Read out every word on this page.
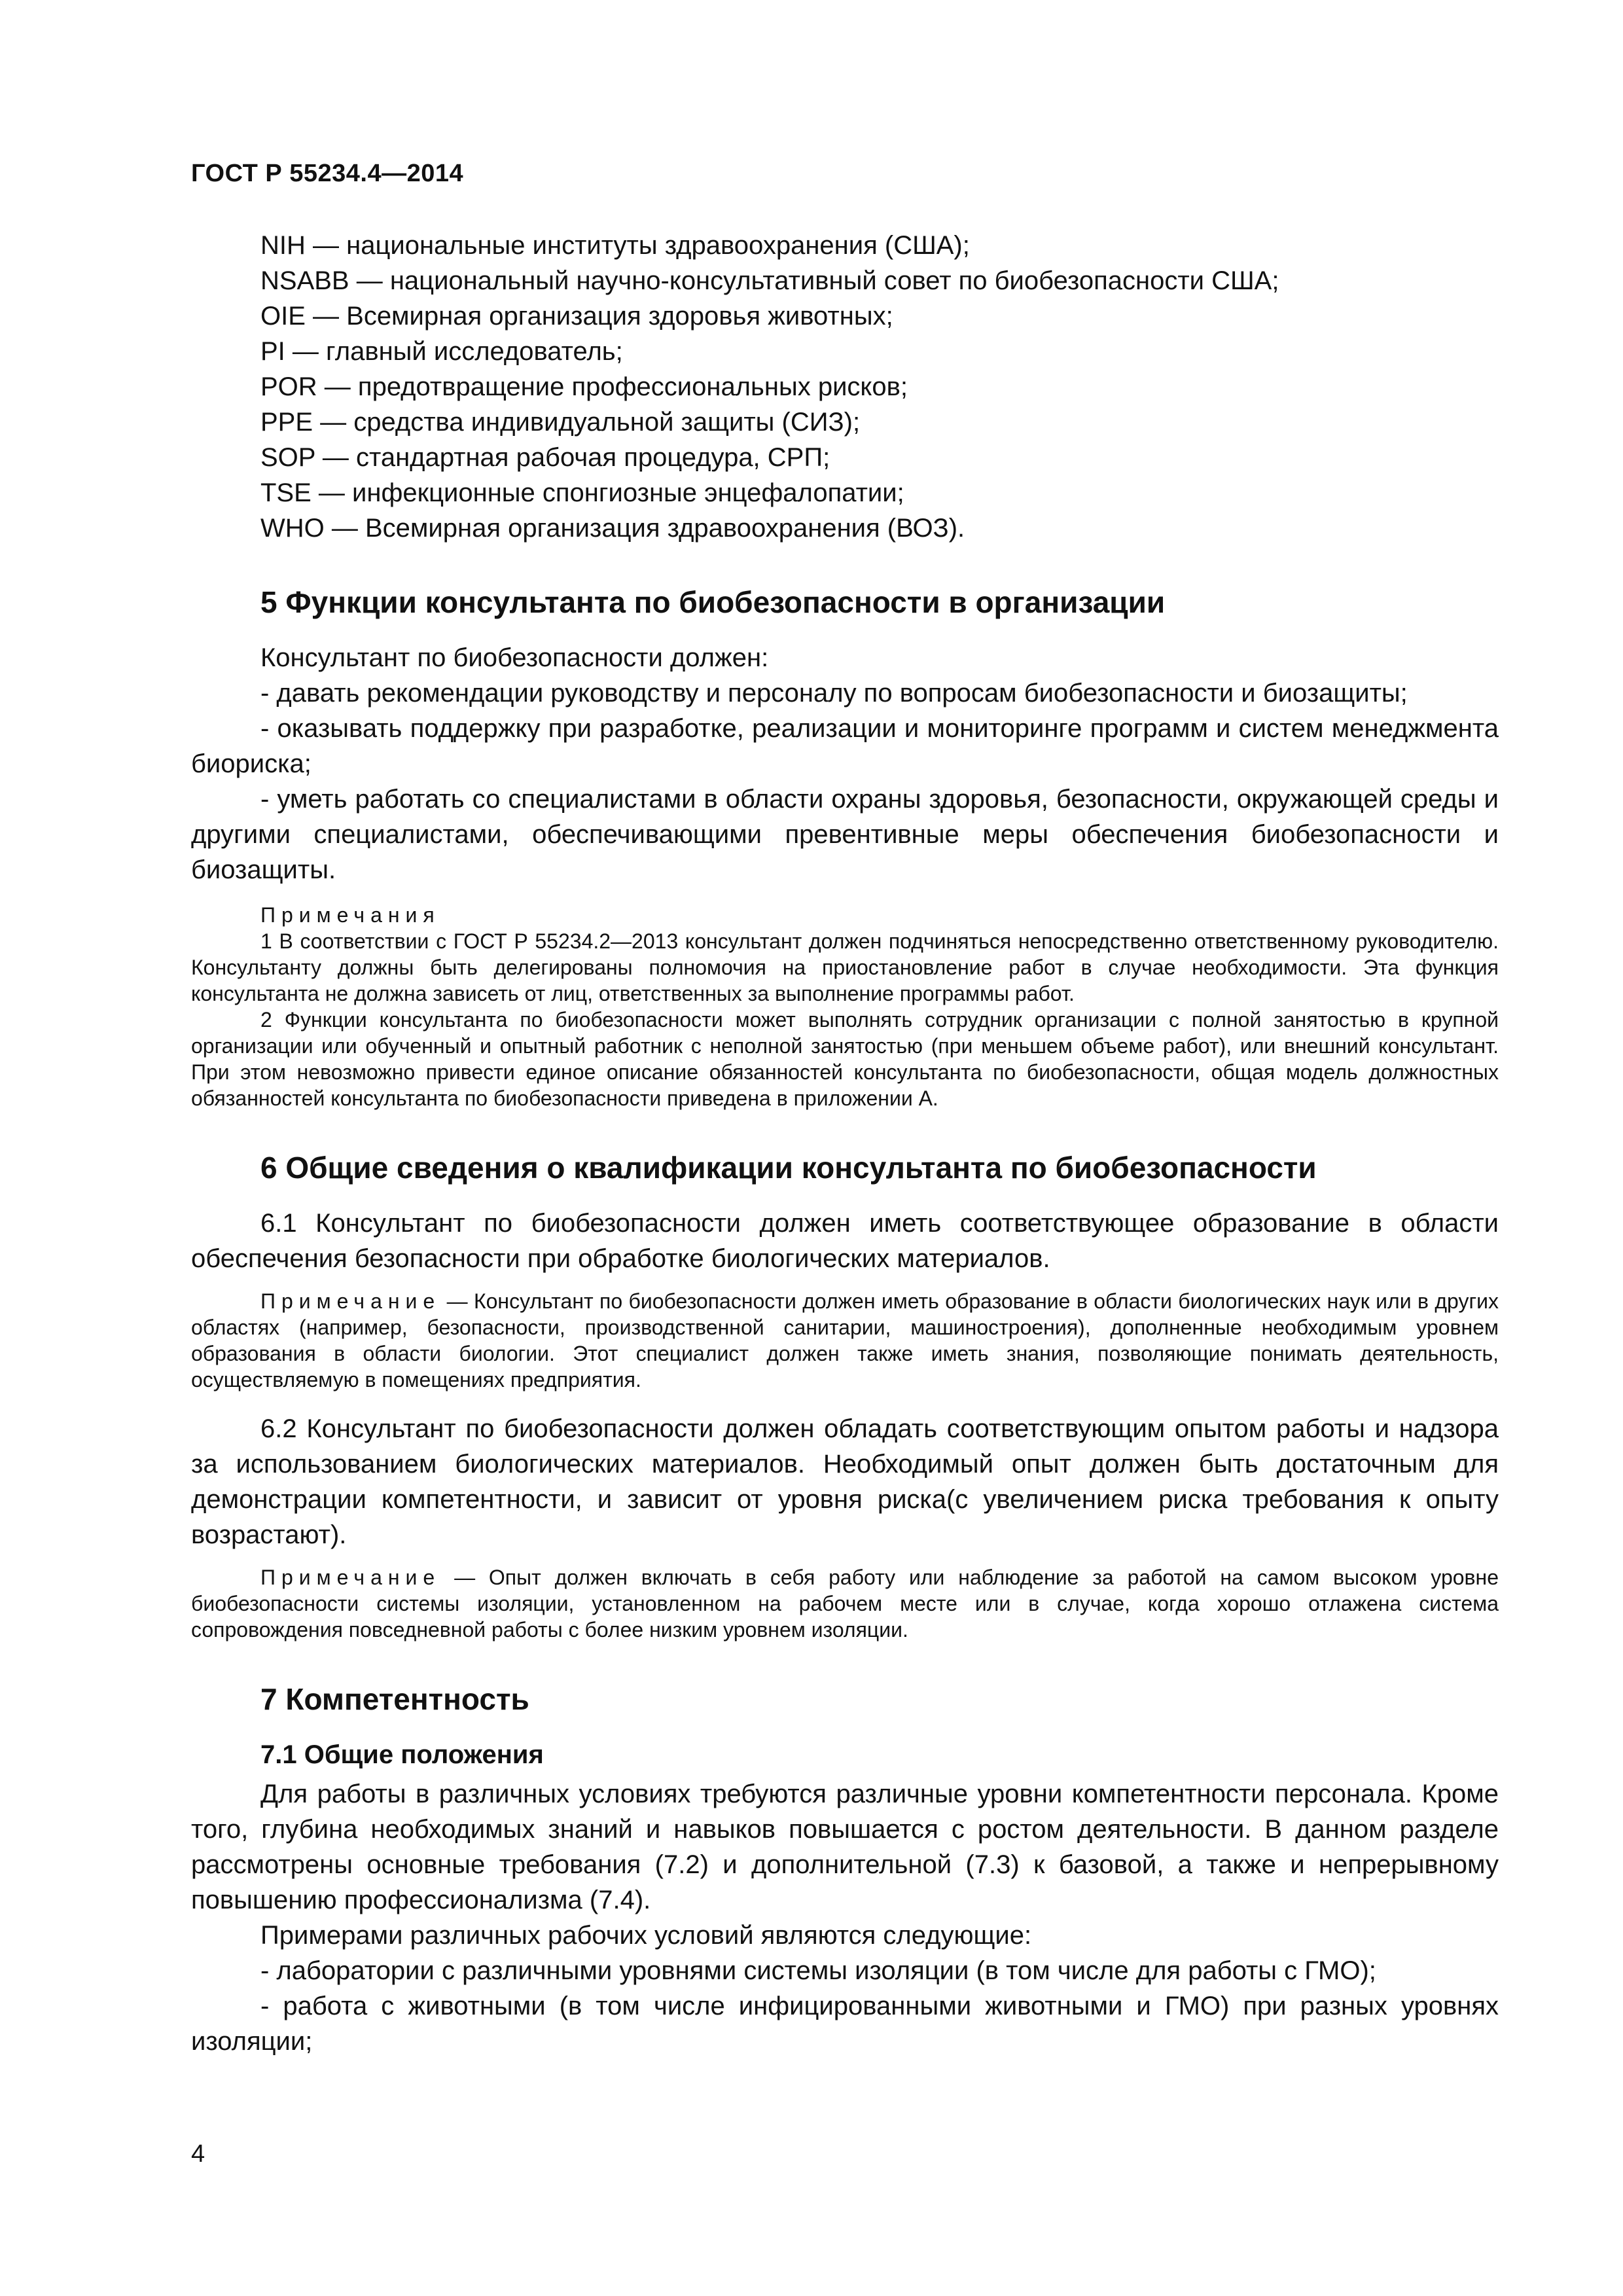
ГОСТ Р 55234.4—2014

NIH — национальные институты здравоохранения (США);

NSABB — национальный научно-консультативный совет по биобезопасности США;

OIE — Всемирная организация здоровья животных;

PI — главный исследователь;

POR — предотвращение профессиональных рисков;

PPE — средства индивидуальной защиты (СИЗ);

SOP — стандартная рабочая процедура, СРП;

TSE — инфекционные спонгиозные энцефалопатии;

WHO — Всемирная организация здравоохранения (ВОЗ).

5 Функции консультанта по биобезопасности в организации

Консультант по биобезопасности должен:

- давать рекомендации руководству и персоналу по вопросам биобезопасности и биозащиты;

- оказывать поддержку при разработке, реализации и мониторинге программ и систем менеджмента биориска;

- уметь работать со специалистами в области охраны здоровья, безопасности, окружающей среды и другими специалистами, обеспечивающими превентивные меры обеспечения биобезопасности и биозащиты.

Примечания

1 В соответствии с ГОСТ Р 55234.2—2013 консультант должен подчиняться непосредственно ответственному руководителю. Консультанту должны быть делегированы полномочия на приостановление работ в случае необходимости. Эта функция консультанта не должна зависеть от лиц, ответственных за выполнение программы работ.

2 Функции консультанта по биобезопасности может выполнять сотрудник организации с полной занятостью в крупной организации или обученный и опытный работник с неполной занятостью (при меньшем объеме работ), или внешний консультант. При этом невозможно привести единое описание обязанностей консультанта по биобезопасности, общая модель должностных обязанностей консультанта по биобезопасности приведена в приложении А.

6 Общие сведения о квалификации консультанта по биобезопасности

6.1 Консультант по биобезопасности должен иметь соответствующее образование в области обеспечения безопасности при обработке биологических материалов.

Примечание — Консультант по биобезопасности должен иметь образование в области биологических наук или в других областях (например, безопасности, производственной санитарии, машиностроения), дополненные необходимым уровнем образования в области биологии. Этот специалист должен также иметь знания, позволяющие понимать деятельность, осуществляемую в помещениях предприятия.

6.2 Консультант по биобезопасности должен обладать соответствующим опытом работы и надзора за использованием биологических материалов. Необходимый опыт должен быть достаточным для демонстрации компетентности, и зависит от уровня риска(с увеличением риска требования к опыту возрастают).

Примечание — Опыт должен включать в себя работу или наблюдение за работой на самом высоком уровне биобезопасности системы изоляции, установленном на рабочем месте или в случае, когда хорошо отлажена система сопровождения повседневной работы с более низким уровнем изоляции.

7 Компетентность
7.1 Общие положения

Для работы в различных условиях требуются различные уровни компетентности персонала. Кроме того, глубина необходимых знаний и навыков повышается с ростом деятельности. В данном разделе рассмотрены основные требования (7.2) и дополнительной (7.3) к базовой, а также и непрерывному повышению профессионализма (7.4).

Примерами различных рабочих условий являются следующие:

- лаборатории с различными уровнями системы изоляции (в том числе для работы с ГМО);

- работа с животными (в том числе инфицированными животными и ГМО) при разных уровнях изоляции;

4
